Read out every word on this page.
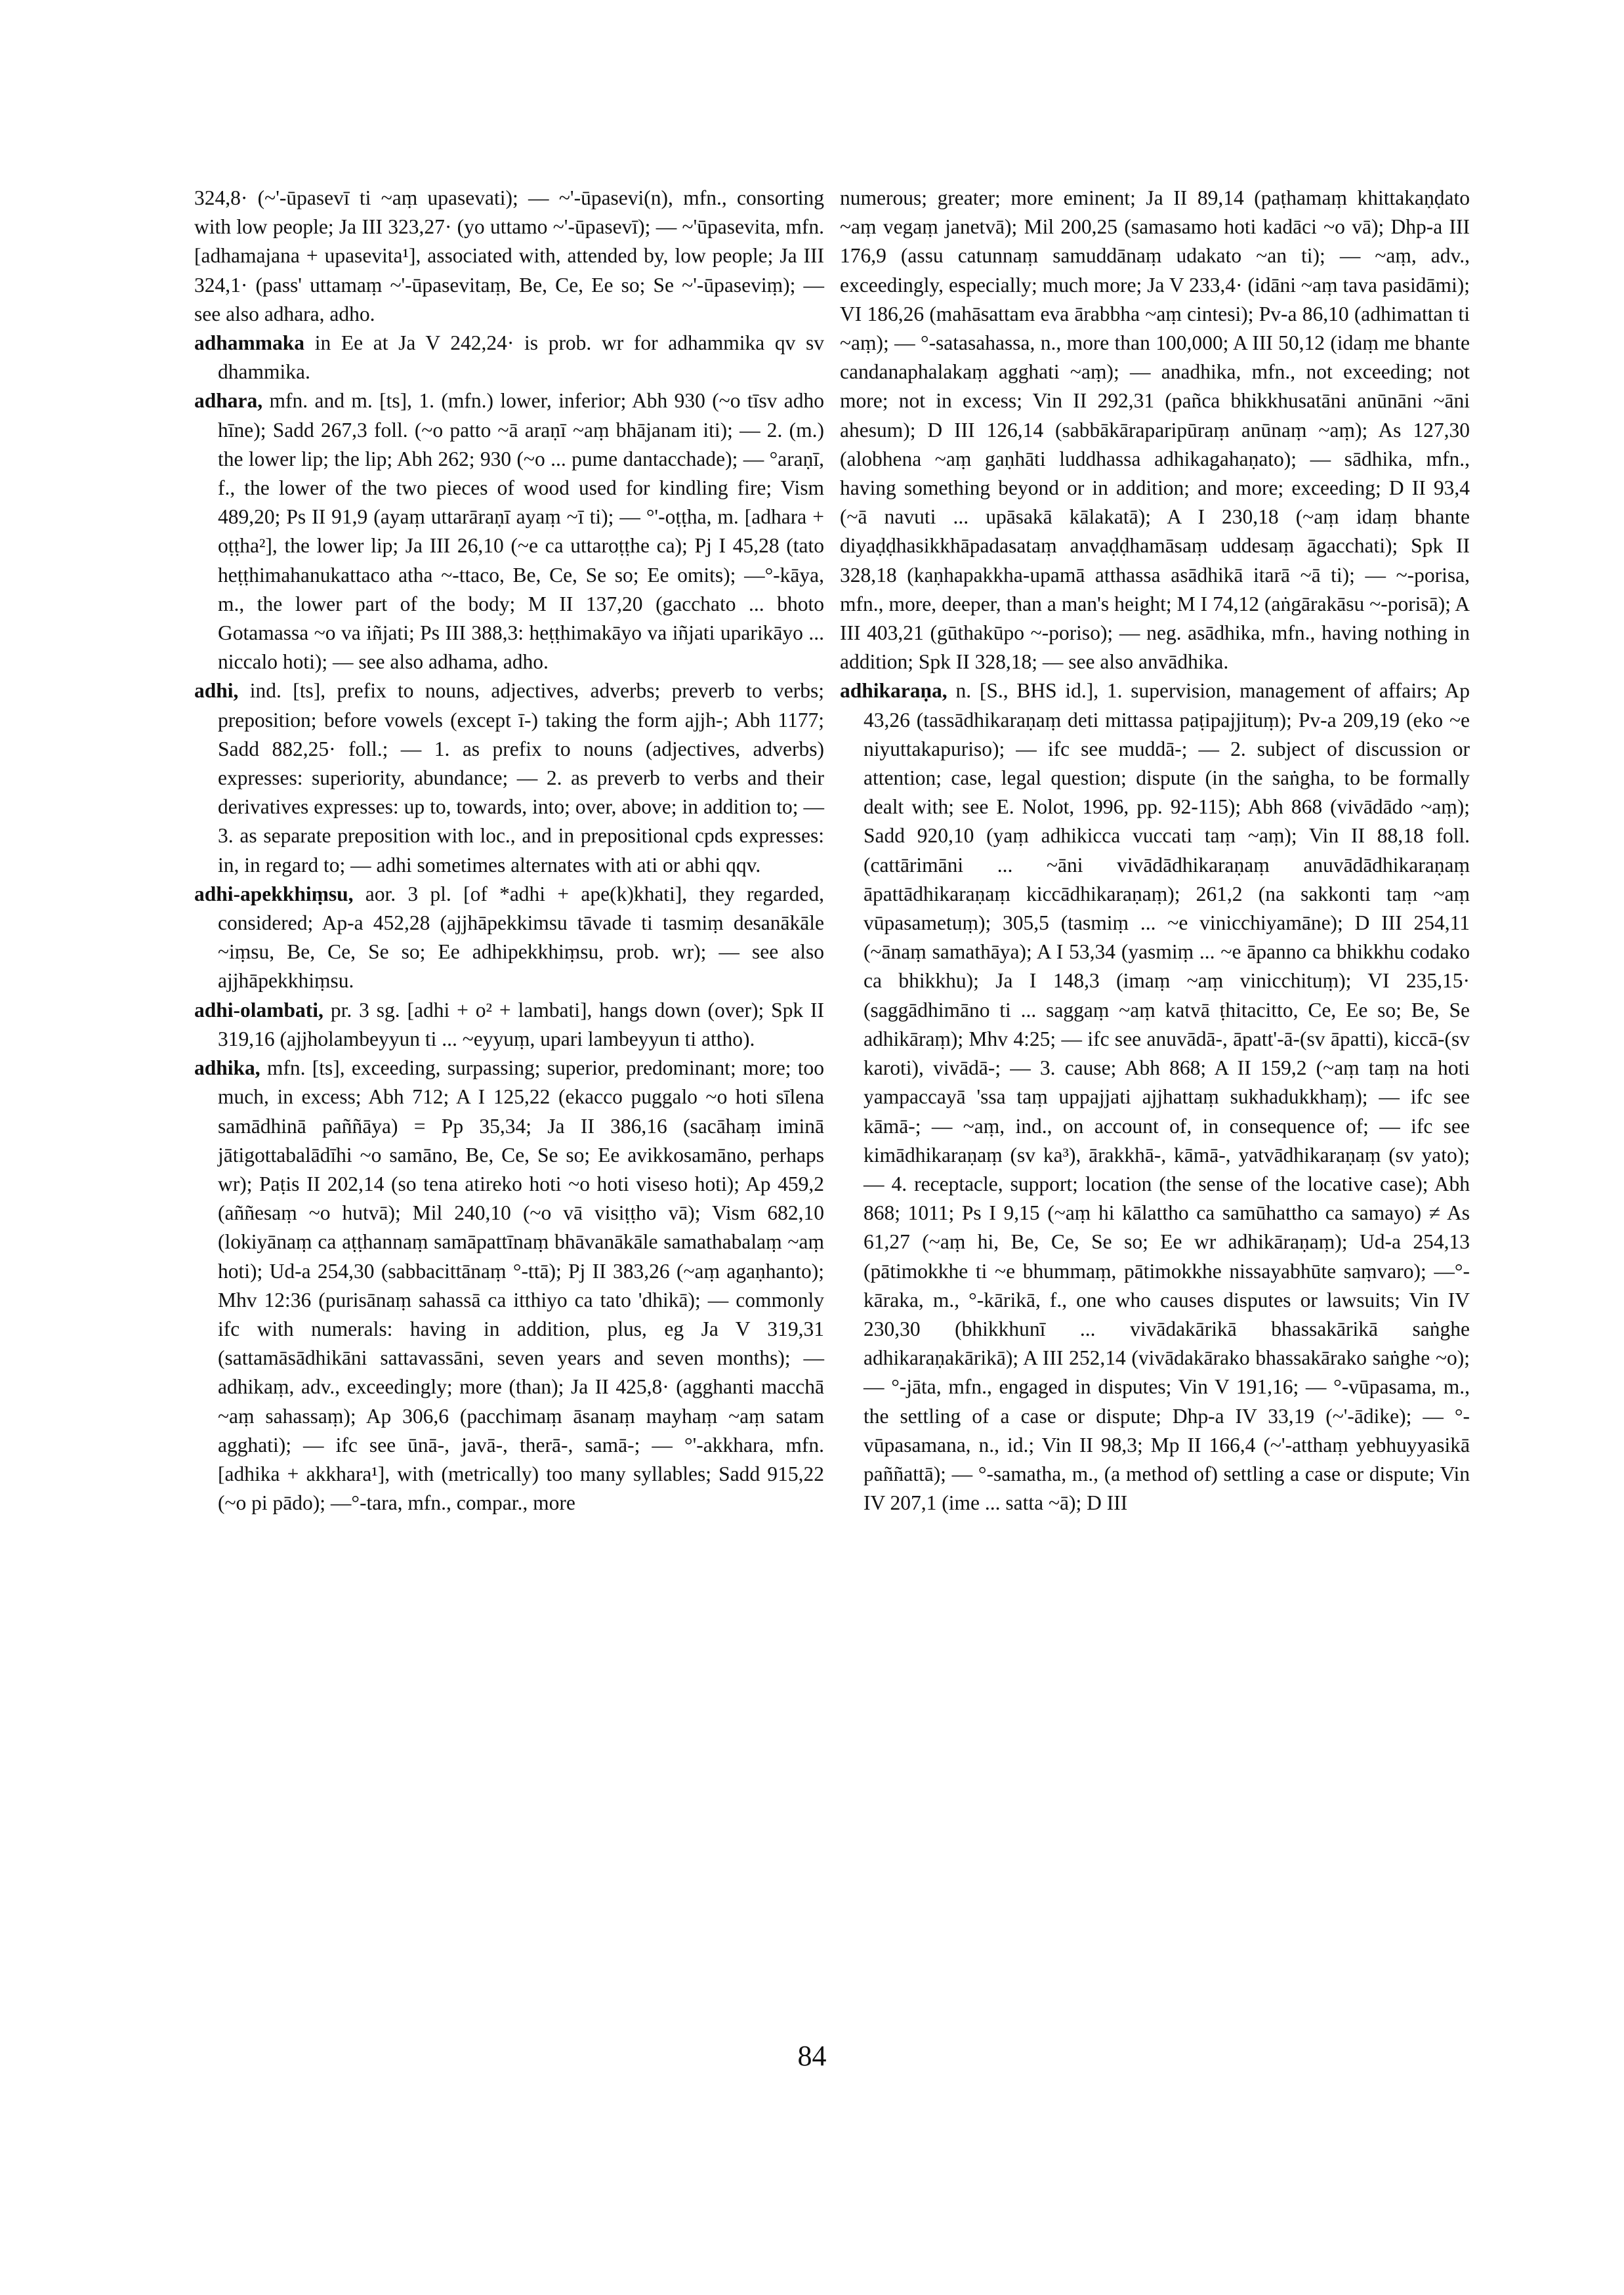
324,8· (~'-ūpasevī ti ~aṃ upasevati); — ~'-ūpasevi(n), mfn., consorting with low people; Ja III 323,27· (yo uttamo ~'-ūpasevī); — ~'ūpasevita, mfn. [adhamajana + upasevita¹], associated with, attended by, low people; Ja III 324,1· (pass' uttamaṃ ~'-ūpasevitaṃ, Be, Ce, Ee so; Se ~'-ūpaseviṃ); — see also adhara, adho.

adhammaka in Ee at Ja V 242,24· is prob. wr for adhammika qv sv dhammika.

adhara, mfn. and m. [ts], 1. (mfn.) lower, inferior; Abh 930 (~o tīsv adho hīne); Sadd 267,3 foll. (~o patto ~ā araṇī ~aṃ bhājanam iti); — 2. (m.) the lower lip; the lip; Abh 262; 930 (~o ... pume dantacchade); — °araṇī, f., the lower of the two pieces of wood used for kindling fire; Vism 489,20; Ps II 91,9 (ayaṃ uttarāraṇī ayaṃ ~ī ti); — °'-oṭṭha, m. [adhara + oṭṭha²], the lower lip; Ja III 26,10 (~e ca uttaroṭṭhe ca); Pj I 45,28 (tato heṭṭhimahanukattaco atha ~-ttaco, Be, Ce, Se so; Ee omits); —°-kāya, m., the lower part of the body; M II 137,20 (gacchato ... bhoto Gotamassa ~o va iñjati; Ps III 388,3: heṭṭhimakāyo va iñjati uparikāyo ... niccalo hoti); — see also adhama, adho.

adhi, ind. [ts], prefix to nouns, adjectives, adverbs; preverb to verbs; preposition; before vowels (except ī-) taking the form ajjh-; Abh 1177; Sadd 882,25· foll.; — 1. as prefix to nouns (adjectives, adverbs) expresses: superiority, abundance; — 2. as preverb to verbs and their derivatives expresses: up to, towards, into; over, above; in addition to; — 3. as separate preposition with loc., and in prepositional cpds expresses: in, in regard to; — adhi sometimes alternates with ati or abhi qqv.

adhi-apekkhiṃsu, aor. 3 pl. [of *adhi + ape(k)khati], they regarded, considered; Ap-a 452,28 (ajjhāpekkimsu tāvade ti tasmiṃ desanākāle ~iṃsu, Be, Ce, Se so; Ee adhipekkhiṃsu, prob. wr); — see also ajjhāpekkhiṃsu.

adhi-olambati, pr. 3 sg. [adhi + o² + lambati], hangs down (over); Spk II 319,16 (ajjholambeyyun ti ... ~eyyuṃ, upari lambeyyun ti attho).

adhika, mfn. [ts], exceeding, surpassing; superior, predominant; more; too much, in excess; Abh 712; A I 125,22 (ekacco puggalo ~o hoti sīlena samādhinā paññāya) = Pp 35,34; Ja II 386,16 (sacāhaṃ iminā jātigottabalādīhi ~o samāno, Be, Ce, Se so; Ee avikkosamāno, perhaps wr); Paṭis II 202,14 (so tena atireko hoti ~o hoti viseso hoti); Ap 459,2 (aññesaṃ ~o hutvā); Mil 240,10 (~o vā visiṭṭho vā); Vism 682,10 (lokiyānaṃ ca aṭṭhannaṃ samāpattīnaṃ bhāvanākāle samathabalaṃ ~aṃ hoti); Ud-a 254,30 (sabbacittānaṃ °-ttā); Pj II 383,26 (~aṃ agaṇhanto); Mhv 12:36 (purisānaṃ sahassā ca itthiyo ca tato 'dhikā); — commonly ifc with numerals: having in addition, plus, eg Ja V 319,31 (sattamāsādhikāni sattavassāni, seven years and seven months); — adhikaṃ, adv., exceedingly; more (than); Ja II 425,8· (agghanti macchā ~aṃ sahassaṃ); Ap 306,6 (pacchimaṃ āsanaṃ mayhaṃ ~aṃ satam agghati); — ifc see ūnā-, javā-, therā-, samā-; — °'-akkhara, mfn. [adhika + akkhara¹], with (metrically) too many syllables; Sadd 915,22 (~o pi pādo); —°-tara, mfn., compar., more

numerous; greater; more eminent; Ja II 89,14 (paṭhamaṃ khittakaṇḍato ~aṃ vegaṃ janetvā); Mil 200,25 (samasamo hoti kadāci ~o vā); Dhp-a III 176,9 (assu catunnaṃ samuddānaṃ udakato ~an ti); — ~aṃ, adv., exceedingly, especially; much more; Ja V 233,4· (idāni ~aṃ tava pasidāmi); VI 186,26 (mahāsattam eva ārabbha ~aṃ cintesi); Pv-a 86,10 (adhimattan ti ~aṃ); — °-satasahassa, n., more than 100,000; A III 50,12 (idaṃ me bhante candanaphalakaṃ agghati ~aṃ); — anadhika, mfn., not exceeding; not more; not in excess; Vin II 292,31 (pañca bhikkhusatāni anūnāni ~āni ahesum); D III 126,14 (sabbākāraparipūraṃ anūnaṃ ~aṃ); As 127,30 (alobhena ~aṃ gaṇhāti luddhassa adhikagahaṇato); — sādhika, mfn., having something beyond or in addition; and more; exceeding; D II 93,4 (~ā navuti ... upāsakā kālakatā); A I 230,18 (~aṃ idaṃ bhante diyaḍḍhasikkhāpadasataṃ anvaḍḍhamāsaṃ uddesaṃ āgacchati); Spk II 328,18 (kaṇhapakkha-upamā atthassa asādhikā itarā ~ā ti); — ~-porisa, mfn., more, deeper, than a man's height; M I 74,12 (aṅgārakāsu ~-porisā); A III 403,21 (gūthakūpo ~-poriso); — neg. asādhika, mfn., having nothing in addition; Spk II 328,18; — see also anvādhika.

adhikaraṇa, n. [S., BHS id.], 1. supervision, management of affairs; Ap 43,26 (tassādhikaraṇaṃ deti mittassa paṭipajjituṃ); Pv-a 209,19 (eko ~e niyuttakapuriso); — ifc see muddā-; — 2. subject of discussion or attention; case, legal question; dispute (in the saṅgha, to be formally dealt with; see E. Nolot, 1996, pp. 92-115); Abh 868 (vivādādo ~aṃ); Sadd 920,10 (yaṃ adhikicca vuccati taṃ ~aṃ); Vin II 88,18 foll. (cattārimāni ... ~āni vivādādhikaraṇaṃ anuvādādhikaraṇaṃ āpattādhikaraṇaṃ kiccādhikaraṇaṃ); 261,2 (na sakkonti taṃ ~aṃ vūpasametuṃ); 305,5 (tasmiṃ ... ~e vinicchiyamāne); D III 254,11 (~ānaṃ samathāya); A I 53,34 (yasmiṃ ... ~e āpanno ca bhikkhu codako ca bhikkhu); Ja I 148,3 (imaṃ ~aṃ vinicchituṃ); VI 235,15· (saggādhimāno ti ... saggaṃ ~aṃ katvā ṭhitacitto, Ce, Ee so; Be, Se adhikāraṃ); Mhv 4:25; — ifc see anuvādā-, āpatt'-ā-(sv āpatti), kiccā-(sv karoti), vivādā-; — 3. cause; Abh 868; A II 159,2 (~aṃ taṃ na hoti yampaccayā 'ssa taṃ uppajjati ajjhattaṃ sukhadukkhaṃ); — ifc see kāmā-; — ~aṃ, ind., on account of, in consequence of; — ifc see kimādhikaraṇaṃ (sv ka³), ārakkhā-, kāmā-, yatvādhikaraṇaṃ (sv yato); — 4. receptacle, support; location (the sense of the locative case); Abh 868; 1011; Ps I 9,15 (~aṃ hi kālattho ca samūhattho ca samayo) ≠ As 61,27 (~aṃ hi, Be, Ce, Se so; Ee wr adhikāraṇaṃ); Ud-a 254,13 (pātimokkhe ti ~e bhummaṃ, pātimokkhe nissayabhūte saṃvaro); —°-kāraka, m., °-kārikā, f., one who causes disputes or lawsuits; Vin IV 230,30 (bhikkhunī ... vivādakārikā bhassakārikā saṅghe adhikaraṇakārikā); A III 252,14 (vivādakārako bhassakārako saṅghe ~o); — °-jāta, mfn., engaged in disputes; Vin V 191,16; — °-vūpasama, m., the settling of a case or dispute; Dhp-a IV 33,19 (~'-ādike); — °-vūpasamana, n., id.; Vin II 98,3; Mp II 166,4 (~'-atthaṃ yebhuyyasikā paññattā); — °-samatha, m., (a method of) settling a case or dispute; Vin IV 207,1 (ime ... satta ~ā); D III

84
